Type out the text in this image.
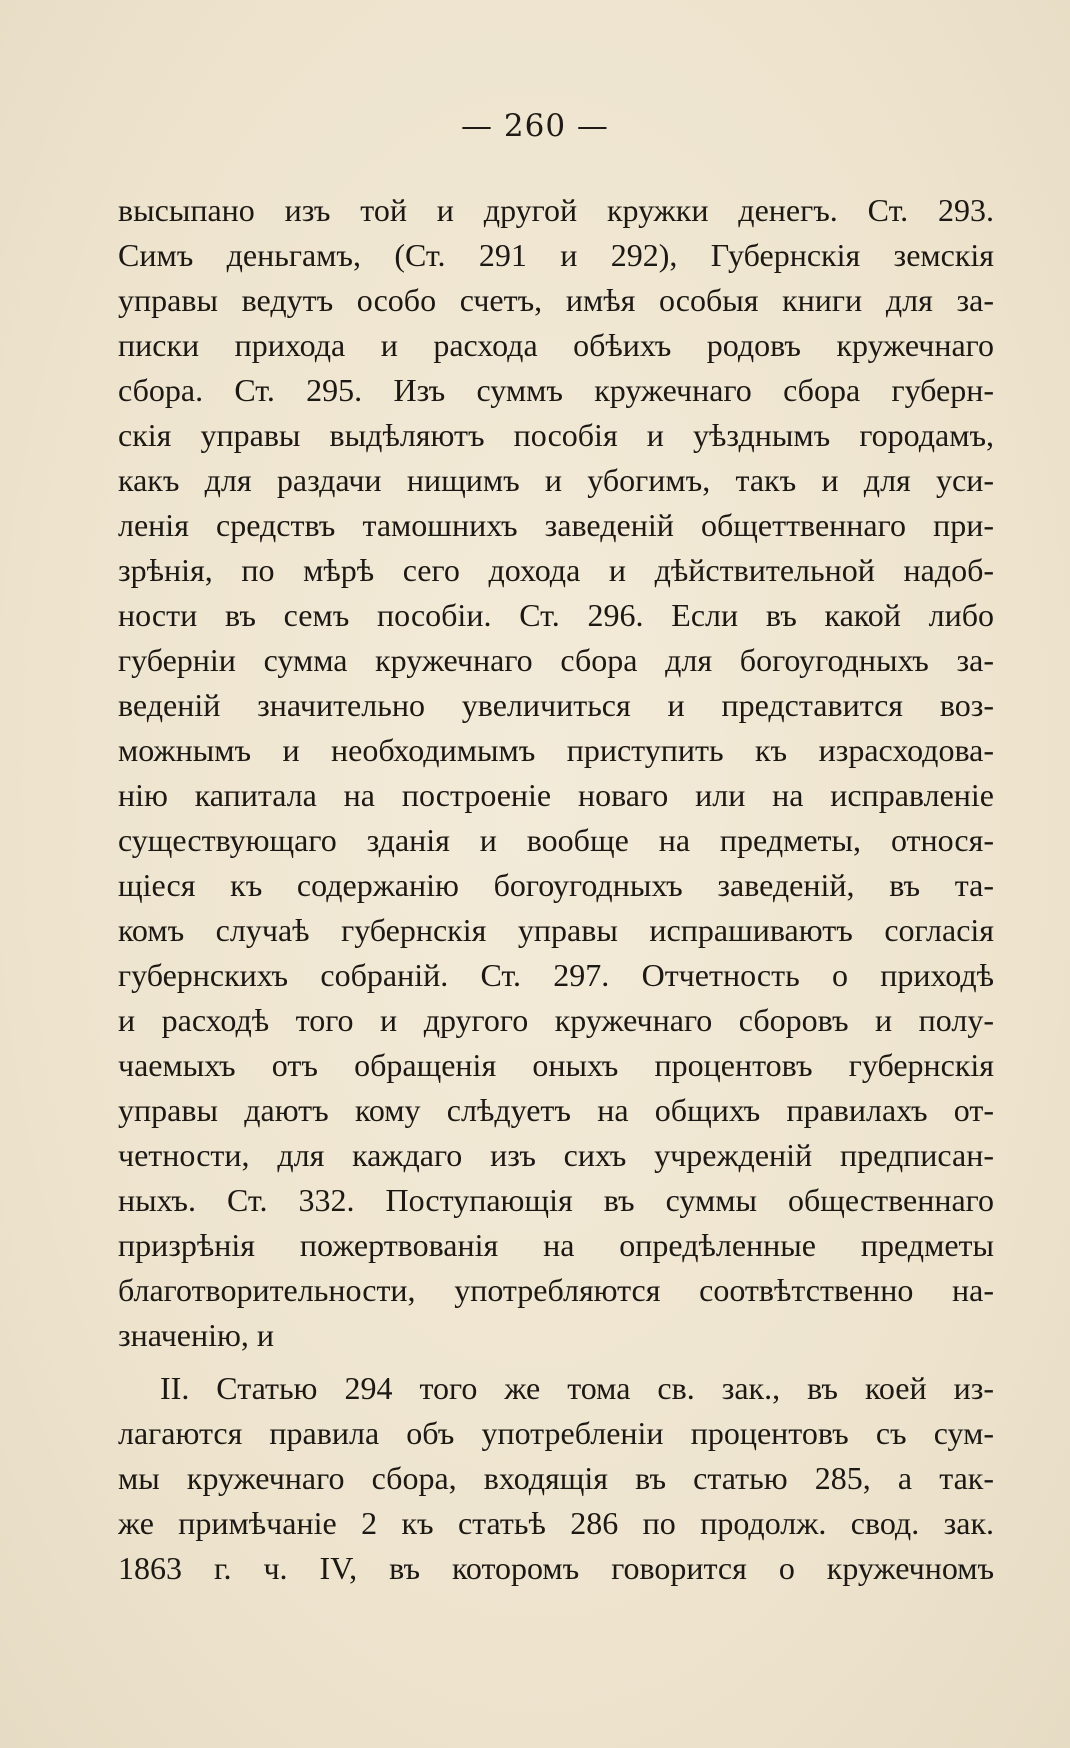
— 260 —
высыпано изъ той и другой кружки денегъ. Ст. 293.
Симъ деньгамъ, (Ст. 291 и 292), Губернскія земскія
управы ведутъ особо счетъ, имѣя особыя книги для за-
писки прихода и расхода обѣихъ родовъ кружечнаго
сбора. Ст. 295. Изъ суммъ кружечнаго сбора губерн-
скія управы выдѣляютъ пособія и уѣзднымъ городамъ,
какъ для раздачи нищимъ и убогимъ, такъ и для уси-
ленія средствъ тамошнихъ заведеній общеттвеннаго при-
зрѣнія, по мѣрѣ сего дохода и дѣйствительной надоб-
ности въ семъ пособіи. Ст. 296. Если въ какой либо
губерніи сумма кружечнаго сбора для богоугодныхъ за-
веденій значительно увеличиться и представится воз-
можнымъ и необходимымъ приступить къ израсходова-
нію капитала на построеніе новаго или на исправленіе
существующаго зданія и вообще на предметы, относя-
щіеся къ содержанію богоугодныхъ заведеній, въ та-
комъ случаѣ губернскія управы испрашиваютъ согласія
губернскихъ собраній. Ст. 297. Отчетность о приходѣ
и расходѣ того и другого кружечнаго сборовъ и полу-
чаемыхъ отъ обращенія оныхъ процентовъ губернскія
управы даютъ кому слѣдуетъ на общихъ правилахъ от-
четности, для каждаго изъ сихъ учрежденій предписан-
ныхъ. Ст. 332. Поступающія въ суммы общественнаго
призрѣнія пожертвованія на опредѣленные предметы
благотворительности, употребляются соотвѣтственно на-
значенію, и
II. Статью 294 того же тома св. зак., въ коей из-
лагаются правила объ употребленіи процентовъ съ сум-
мы кружечнаго сбора, входящія въ статью 285, а так-
же примѣчаніе 2 къ статьѣ 286 по продолж. свод. зак.
1863 г. ч. IV, въ которомъ говорится о кружечномъ
